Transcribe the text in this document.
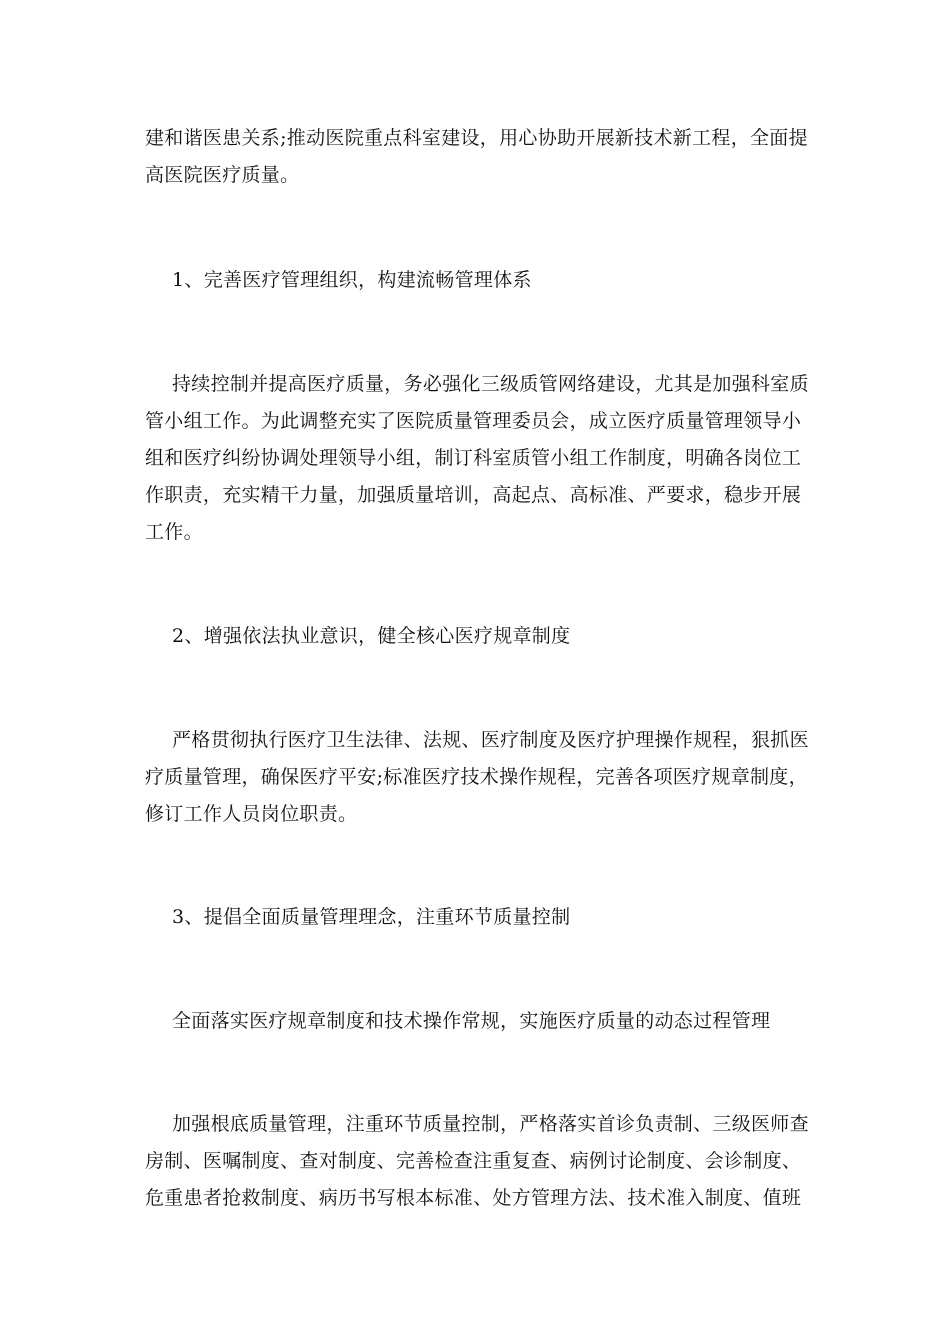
建和谐医患关系;推动医院重点科室建设，用心协助开展新技术新工程，全面提
高医院医疗质量。
1、完善医疗管理组织，构建流畅管理体系
持续控制并提高医疗质量，务必强化三级质管网络建设，尤其是加强科室质
管小组工作。为此调整充实了医院质量管理委员会，成立医疗质量管理领导小
组和医疗纠纷协调处理领导小组，制订科室质管小组工作制度，明确各岗位工
作职责，充实精干力量，加强质量培训，高起点、高标准、严要求，稳步开展
工作。
2、增强依法执业意识，健全核心医疗规章制度
严格贯彻执行医疗卫生法律、法规、医疗制度及医疗护理操作规程，狠抓医
疗质量管理，确保医疗平安;标准医疗技术操作规程，完善各项医疗规章制度，
修订工作人员岗位职责。
3、提倡全面质量管理理念，注重环节质量控制
全面落实医疗规章制度和技术操作常规，实施医疗质量的动态过程管理
加强根底质量管理，注重环节质量控制，严格落实首诊负责制、三级医师查
房制、医嘱制度、查对制度、完善检查注重复查、病例讨论制度、会诊制度、
危重患者抢救制度、病历书写根本标准、处方管理方法、技术准入制度、值班
